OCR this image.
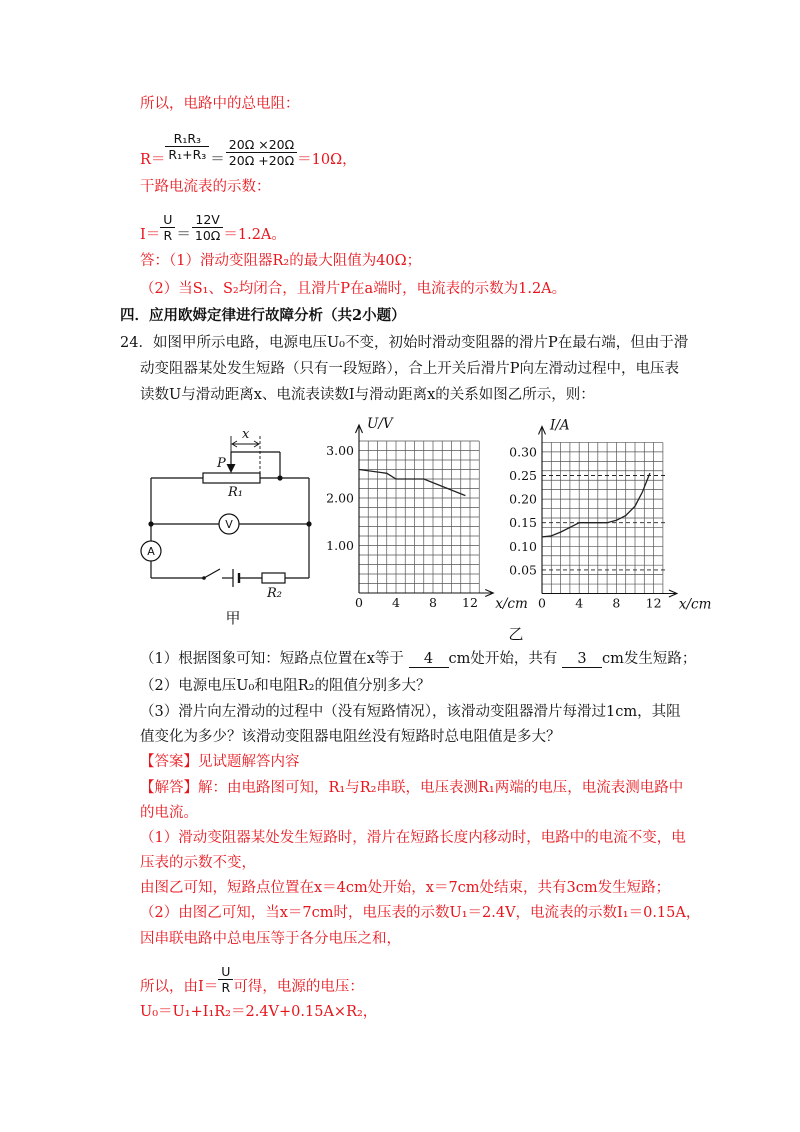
所以，电路中的总电阻：
$R= \frac{\text{R₁R₃}}{\text{R₁+R₃}} = \frac{20\Omega \times 20\Omega}{20\Omega +20\Omega} =10\Omega$，
干路电流表的示数：
$I= \frac{U}{R} = \frac{12V}{10\Omega} =1.2A$。
答：（1）滑动变阻器R₂的最大阻值为40Ω；
（2）当S₁、S₂均闭合，且滑片P在a端时，电流表的示数为1.2A。
四．应用欧姆定律进行故障分析（共2小题）
24．如图甲所示电路，电源电压U₀不变，初始时滑动变阻器的滑片P在最右端，但由于滑
动变阻器某处发生短路（只有一段短路），合上开关后滑片P向左滑动过程中，电压表
读数U与滑动距离x、电流表读数I与滑动距离x的关系如图乙所示，则：
A
P
R₁
x
V
R₂
甲
乙
1.00
2.00
3.00
0 4 8 12
U/V
x/cm
0.05
0.10
0.15
0.20
0.25
0.30
0 4 8 12
I/A
x/cm
（1）根据图象可知：短路点位置在x等于 4 cm处开始，共有 3 cm发生短路；
（2）电源电压U₀和电阻R₂的阻值分别多大？
（3）滑片向左滑动的过程中（没有短路情况），该滑动变阻器滑片每滑过1cm，其阻
值变化为多少？该滑动变阻器电阻丝没有短路时总电阻值是多大？
【答案】见试题解答内容
【解答】解：由电路图可知，R₁与R₂串联，电压表测R₁两端的电压，电流表测电路中
的电流。
（1）滑动变阻器某处发生短路时，滑片在短路长度内移动时，电路中的电流不变，电
压表的示数不变，
由图乙可知，短路点位置在x＝4cm处开始，x＝7cm处结束，共有3cm发生短路；
（2）由图乙可知，当x＝7cm时，电压表的示数U₁＝2.4V，电流表的示数I₁＝0.15A，
因串联电路中总电压等于各分电压之和，
所以，由$I= \frac{U}{R}$ 可得，电源的电压：
U₀＝U₁+I₁R₂＝2.4V+0.15A×R₂，
